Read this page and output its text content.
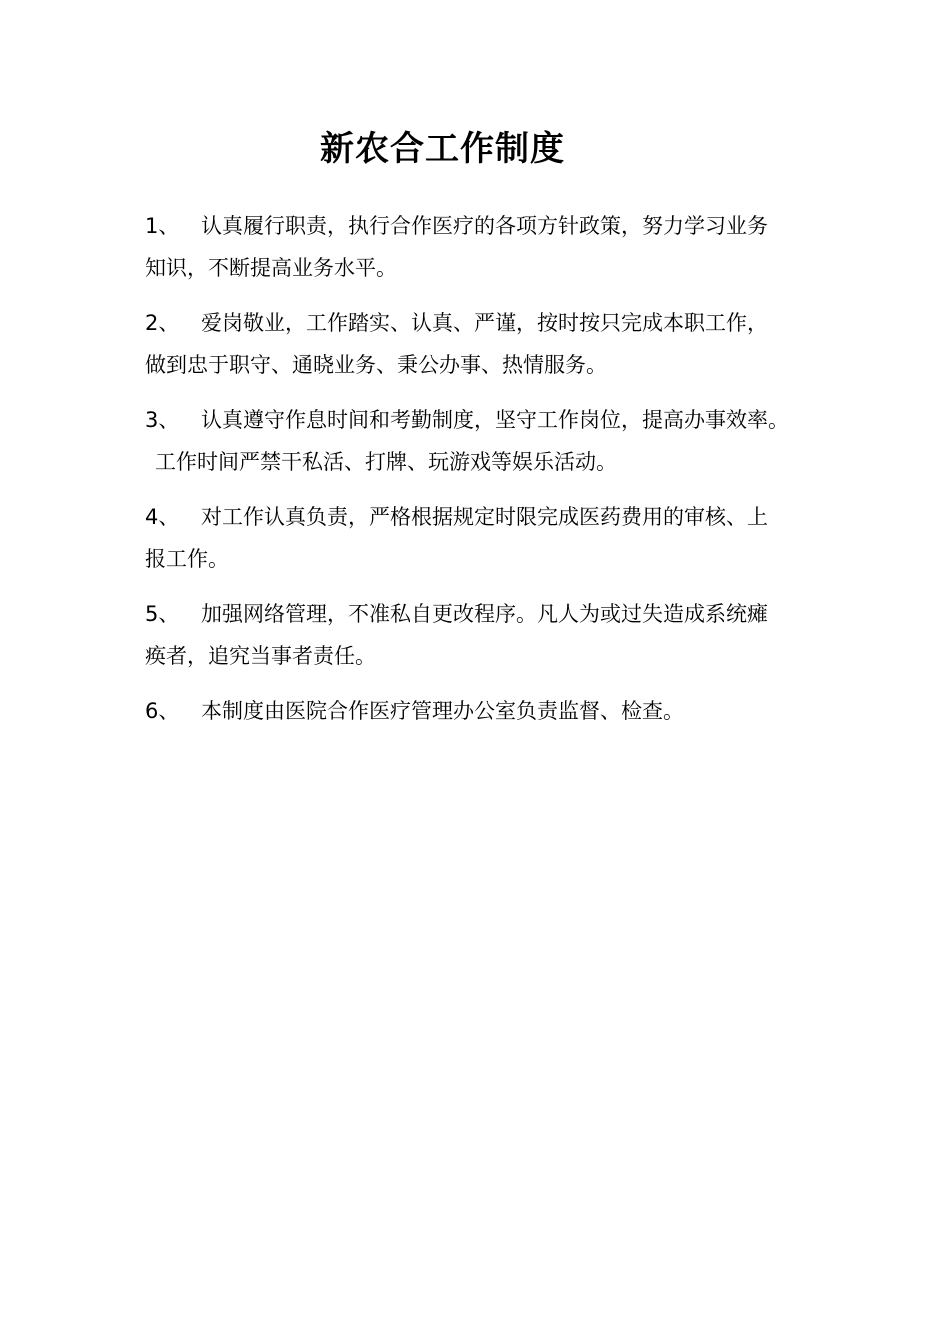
新农合工作制度
1、 认真履行职责，执行合作医疗的各项方针政策，努力学习业务
知识，不断提高业务水平。
2、 爱岗敬业，工作踏实、认真、严谨，按时按只完成本职工作，
做到忠于职守、通晓业务、秉公办事、热情服务。
3、 认真遵守作息时间和考勤制度，坚守工作岗位，提高办事效率。
工作时间严禁干私活、打牌、玩游戏等娱乐活动。
4、 对工作认真负责，严格根据规定时限完成医药费用的审核、上
报工作。
5、 加强网络管理，不准私自更改程序。凡人为或过失造成系统瘫
痪者，追究当事者责任。
6、 本制度由医院合作医疗管理办公室负责监督、检查。
